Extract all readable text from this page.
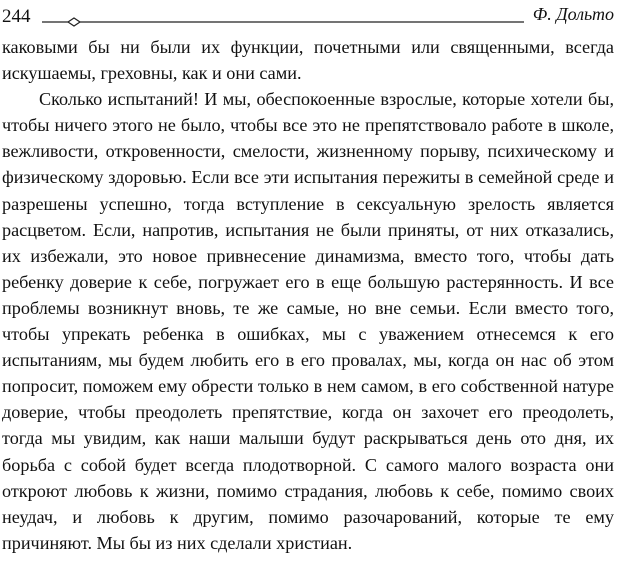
244	Ф. Дольто

каковыми бы ни были их функции, почетными или священными, всегда искушаемы, греховны, как и они сами.

Сколько испытаний! И мы, обеспокоенные взрослые, которые хотели бы, чтобы ничего этого не было, чтобы все это не препятствовало работе в школе, вежливости, откровенности, смелости, жизненному порыву, психическому и физическому здоровью. Если все эти испытания пережиты в семейной среде и разрешены успешно, тогда вступление в сексуальную зрелость является расцветом. Если, напротив, испытания не были приняты, от них отказались, их избежали, это новое привнесение динамизма, вместо того, чтобы дать ребенку доверие к себе, погружает его в еще большую растерянность. И все проблемы возникнут вновь, те же самые, но вне семьи. Если вместо того, чтобы упрекать ребенка в ошибках, мы с уважением отнесемся к его испытаниям, мы будем любить его в его провалах, мы, когда он нас об этом попросит, поможем ему обрести только в нем самом, в его собственной натуре доверие, чтобы преодолеть препятствие, когда он захочет его преодолеть, тогда мы увидим, как наши малыши будут раскрываться день ото дня, их борьба с собой будет всегда плодотворной. С самого малого возраста они откроют любовь к жизни, помимо страдания, любовь к себе, помимо своих неудач, и любовь к другим, помимо разочарований, которые те ему причиняют. Мы бы из них сделали христиан.
